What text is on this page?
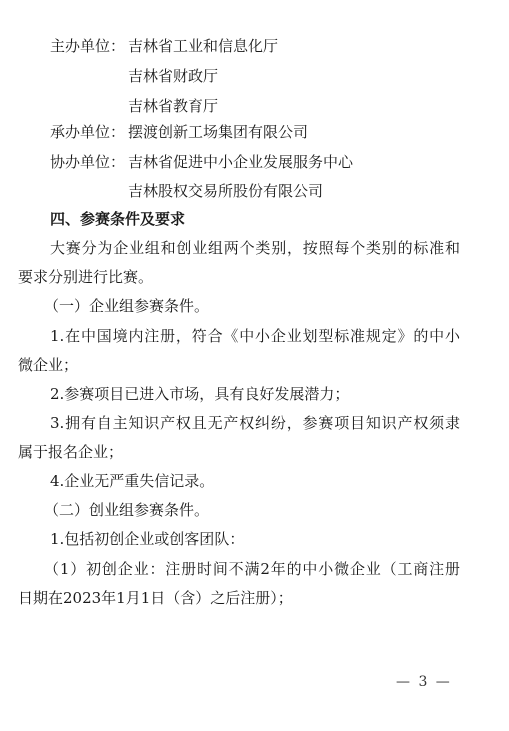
主办单位： 吉林省工业和信息化厅
吉林省财政厅
吉林省教育厅
承办单位： 摆渡创新工场集团有限公司
协办单位： 吉林省促进中小企业发展服务中心
吉林股权交易所股份有限公司
四、参赛条件及要求
大赛分为企业组和创业组两个类别，按照每个类别的标准和
要求分别进行比赛。
（一）企业组参赛条件。
1.在中国境内注册，符合《中小企业划型标准规定》的中小
微企业；
2.参赛项目已进入市场，具有良好发展潜力；
3.拥有自主知识产权且无产权纠纷，参赛项目知识产权须隶
属于报名企业；
4.企业无严重失信记录。
（二）创业组参赛条件。
1.包括初创企业或创客团队：
（1）初创企业：注册时间不满2年的中小微企业（工商注册
日期在2023年1月1日（含）之后注册）；
— 3 —
